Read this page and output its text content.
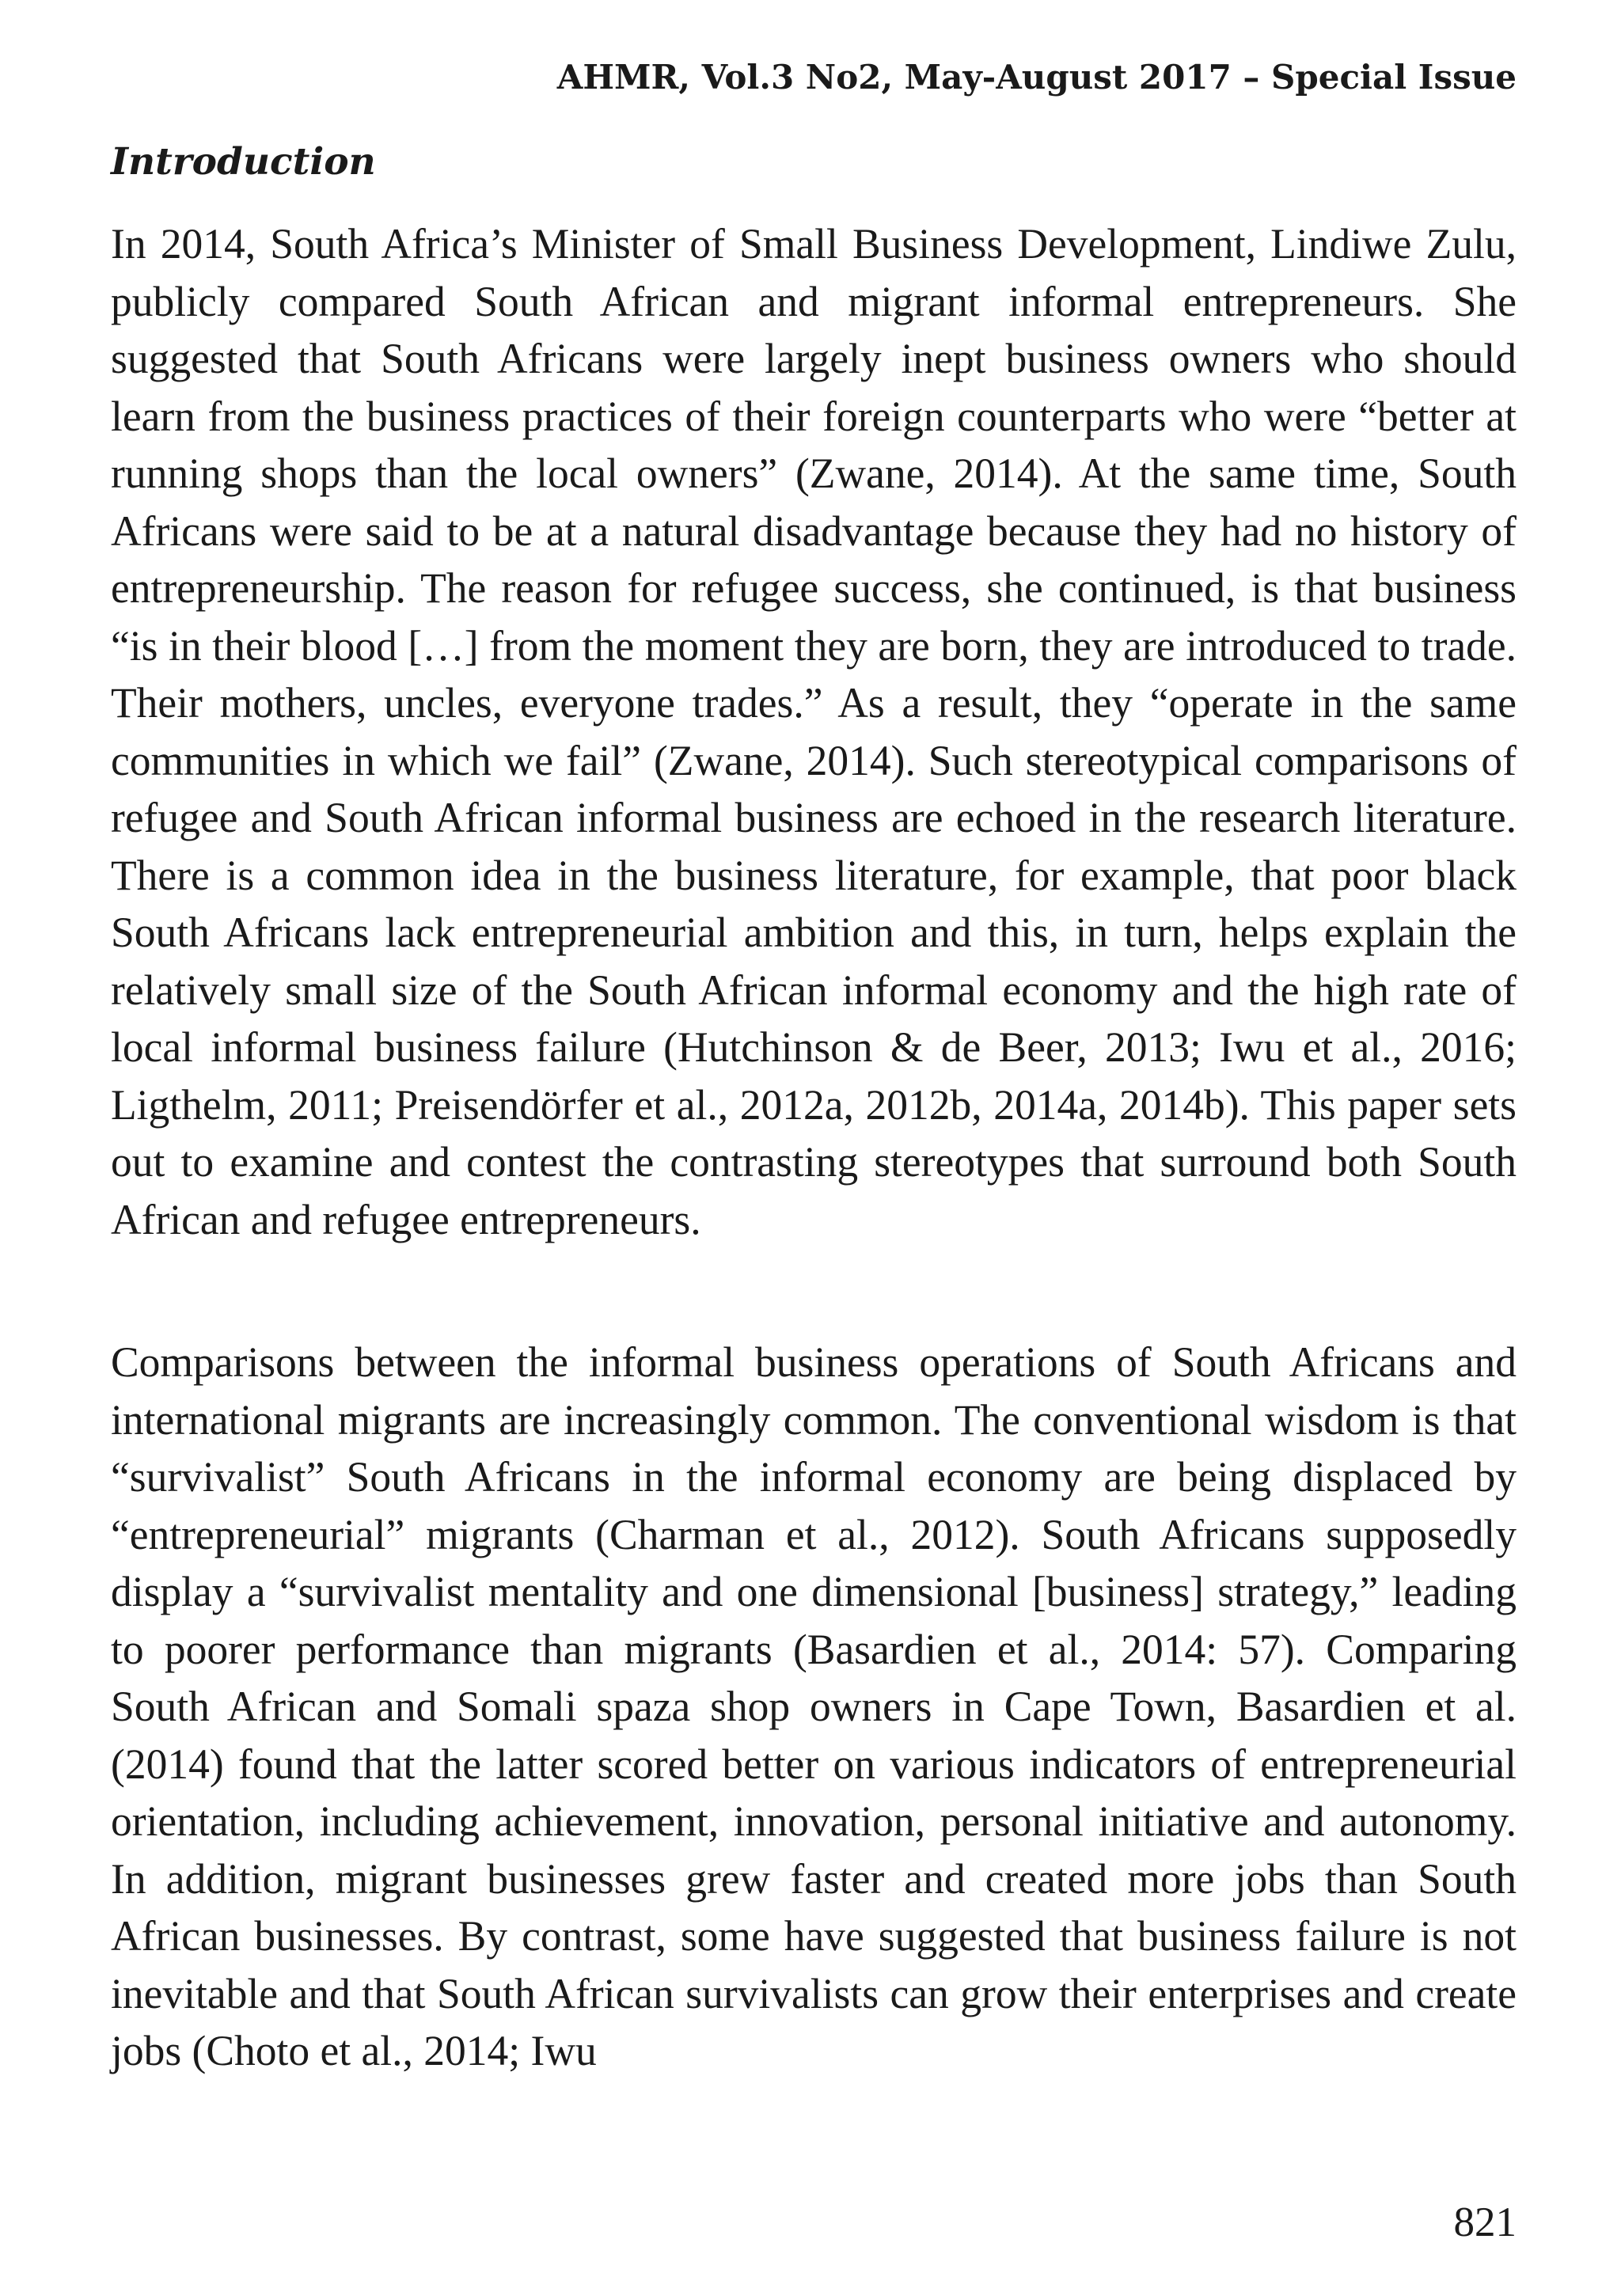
AHMR, Vol.3 No2, May-August 2017 – Special Issue
Introduction

In 2014, South Africa’s Minister of Small Business Development, Lindiwe Zulu, publicly compared South African and migrant informal entrepreneurs. She suggested that South Africans were largely inept business owners who should learn from the business practices of their foreign counterparts who were “better at running shops than the local owners” (Zwane, 2014). At the same time, South Africans were said to be at a natural disadvantage because they had no history of entrepreneurship. The reason for refugee success, she continued, is that business “is in their blood […] from the moment they are born, they are introduced to trade. Their mothers, uncles, everyone trades.” As a result, they “operate in the same communities in which we fail” (Zwane, 2014). Such stereotypical comparisons of refugee and South African informal business are echoed in the research literature. There is a common idea in the business literature, for example, that poor black South Africans lack entrepreneurial ambition and this, in turn, helps explain the relatively small size of the South African informal economy and the high rate of local informal business failure (Hutchinson & de Beer, 2013; Iwu et al., 2016; Ligthelm, 2011; Preisendörfer et al., 2012a, 2012b, 2014a, 2014b). This paper sets out to examine and contest the contrasting stereotypes that surround both South African and refugee entrepreneurs.

Comparisons between the informal business operations of South Africans and international migrants are increasingly common. The conventional wisdom is that “survivalist” South Africans in the informal economy are being displaced by “entrepreneurial” migrants (Charman et al., 2012). South Africans supposedly display a “survivalist mentality and one dimensional [business] strategy,” leading to poorer performance than migrants (Basardien et al., 2014: 57). Comparing South African and Somali spaza shop owners in Cape Town, Basardien et al. (2014) found that the latter scored better on various indicators of entrepreneurial orientation, including achievement, innovation, personal initiative and autonomy. In addition, migrant businesses grew faster and created more jobs than South African businesses. By contrast, some have suggested that business failure is not inevitable and that South African survivalists can grow their enterprises and create jobs (Choto et al., 2014; Iwu

821
